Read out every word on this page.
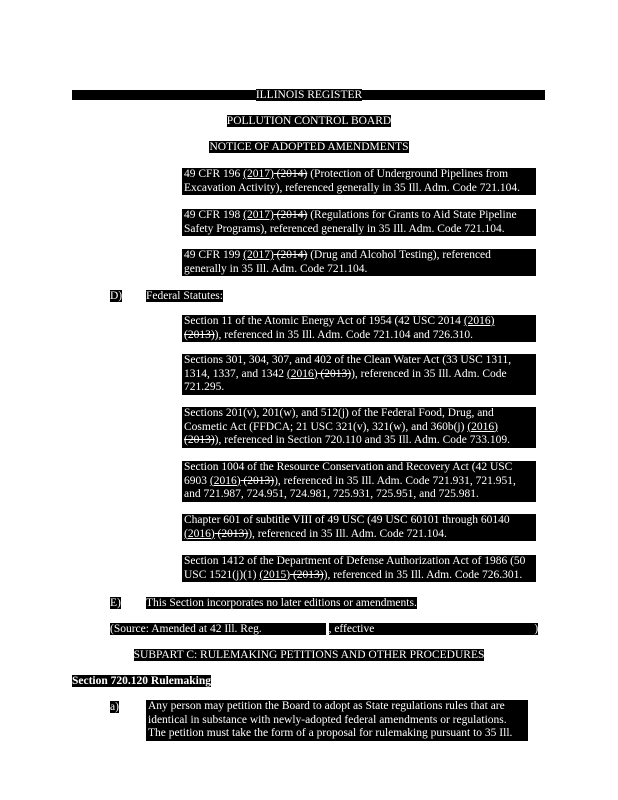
ILLINOIS REGISTER
POLLUTION CONTROL BOARD
NOTICE OF ADOPTED AMENDMENTS
49 CFR 196 (2017) (2014) (Protection of Underground Pipelines from Excavation Activity), referenced generally in 35 Ill. Adm. Code 721.104.
49 CFR 198 (2017) (2014) (Regulations for Grants to Aid State Pipeline Safety Programs), referenced generally in 35 Ill. Adm. Code 721.104.
49 CFR 199 (2017) (2014) (Drug and Alcohol Testing), referenced generally in 35 Ill. Adm. Code 721.104.
D) Federal Statutes:
Section 11 of the Atomic Energy Act of 1954 (42 USC 2014 (2016) (2013)), referenced in 35 Ill. Adm. Code 721.104 and 726.310.
Sections 301, 304, 307, and 402 of the Clean Water Act (33 USC 1311, 1314, 1337, and 1342 (2016) (2013)), referenced in 35 Ill. Adm. Code 721.295.
Sections 201(v), 201(w), and 512(j) of the Federal Food, Drug, and Cosmetic Act (FFDCA; 21 USC 321(v), 321(w), and 360b(j) (2016) (2013)), referenced in Section 720.110 and 35 Ill. Adm. Code 733.109.
Section 1004 of the Resource Conservation and Recovery Act (42 USC 6903 (2016) (2013)), referenced in 35 Ill. Adm. Code 721.931, 721.951, and 721.987, 724.951, 724.981, 725.931, 725.951, and 725.981.
Chapter 601 of subtitle VIII of 49 USC (49 USC 60101 through 60140 (2016) (2013)), referenced in 35 Ill. Adm. Code 721.104.
Section 1412 of the Department of Defense Authorization Act of 1986 (50 USC 1521(j)(1) (2015) (2013)), referenced in 35 Ill. Adm. Code 726.301.
E) This Section incorporates no later editions or amendments.
(Source: Amended at 42 Ill. Reg.	, effective	)
SUBPART C: RULEMAKING PETITIONS AND OTHER PROCEDURES
Section 720.120 Rulemaking
a)	Any person may petition the Board to adopt as State regulations rules that are identical in substance with newly-adopted federal amendments or regulations. The petition must take the form of a proposal for rulemaking pursuant to 35 Ill.
